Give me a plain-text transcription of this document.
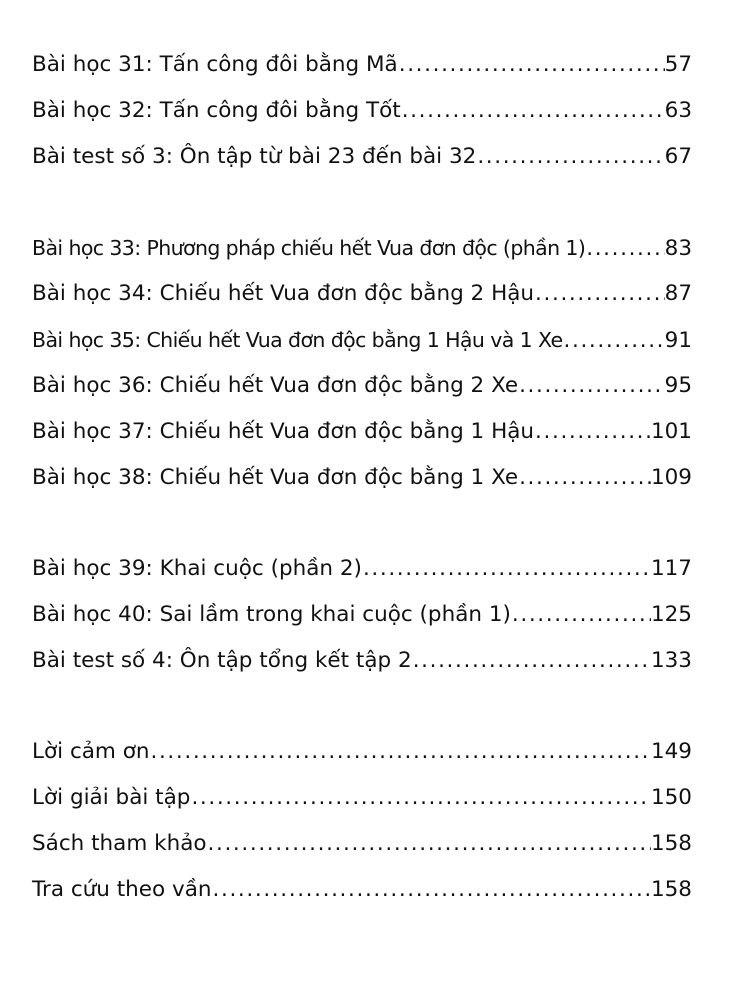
Bài học 31: Tấn công đôi bằng Mã . . .	57
Bài học 32: Tấn công đôi bằng Tốt . . .	63
Bài test số 3: Ôn tập từ bài 23 đến bài 32 . . .	67
Bài học 33: Phương pháp chiếu hết Vua đơn độc (phần 1) . . .	83
Bài học 34: Chiếu hết Vua đơn độc bằng 2 Hậu . . .	87
Bài học 35: Chiếu hết Vua đơn độc bằng 1 Hậu và 1 Xe . . .	91
Bài học 36: Chiếu hết Vua đơn độc bằng 2 Xe . . .	95
Bài học 37: Chiếu hết Vua đơn độc bằng 1 Hậu . . .	101
Bài học 38: Chiếu hết Vua đơn độc bằng 1 Xe . . .	109
Bài học 39: Khai cuộc (phần 2) . . .	117
Bài học 40: Sai lầm trong khai cuộc (phần 1) . . .	125
Bài test số 4: Ôn tập tổng kết tập 2 . . .	133
Lời cảm ơn . . .	149
Lời giải bài tập . . .	150
Sách tham khảo . . .	158
Tra cứu theo vần . . .	158
